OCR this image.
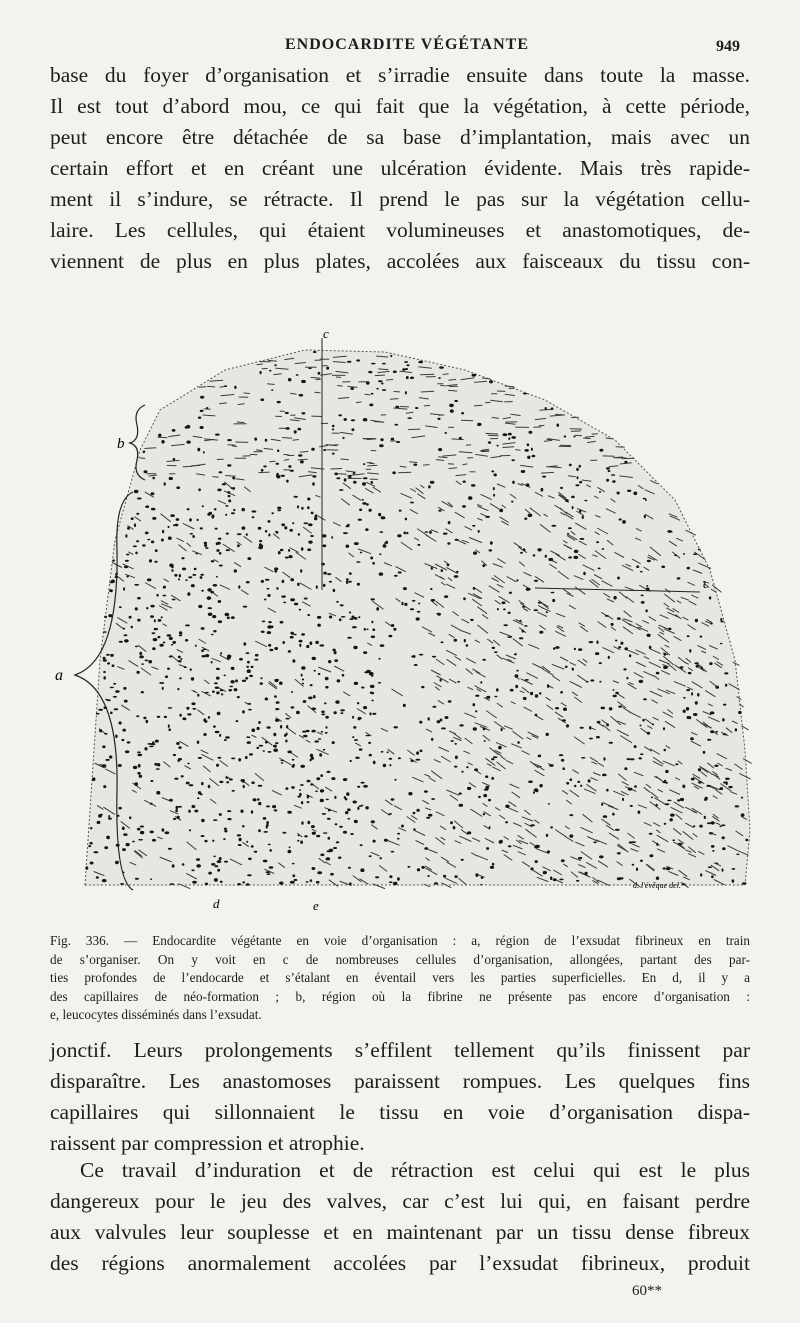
ENDOCARDITE VÉGÉTANTE	949
base du foyer d’organisation et s’irradie ensuite dans toute la masse.
Il est tout d’abord mou, ce qui fait que la végétation, à cette période,
peut encore être détachée de sa base d’implantation, mais avec un
certain effort et en créant une ulcération évidente. Mais très rapide-
ment il s’indure, se rétracte. Il prend le pas sur la végétation cellu-
laire. Les cellules, qui étaient volumineuses et anastomotiques, de-
viennent de plus en plus plates, accolées aux faisceaux du tissu con-
c
b
a
c
d	e
d. l'évêque del.
Fig. 336. — Endocardite végétante en voie d’organisation : a, région de l’exsudat fibrineux en train
de s’organiser. On y voit en c de nombreuses cellules d’organisation, allongées, partant des par-
ties profondes de l’endocarde et s’étalant en éventail vers les parties superficielles. En d, il y a
des capillaires de néo-formation ; b, région où la fibrine ne présente pas encore d’organisation :
e, leucocytes disséminés dans l’exsudat.
jonctif. Leurs prolongements s’effilent tellement qu’ils finissent par
disparaître. Les anastomoses paraissent rompues. Les quelques fins
capillaires qui sillonnaient le tissu en voie d’organisation dispa-
raissent par compression et atrophie.
Ce travail d’induration et de rétraction est celui qui est le plus
dangereux pour le jeu des valves, car c’est lui qui, en faisant perdre
aux valvules leur souplesse et en maintenant par un tissu dense fibreux
des régions anormalement accolées par l’exsudat fibrineux, produit
60**
